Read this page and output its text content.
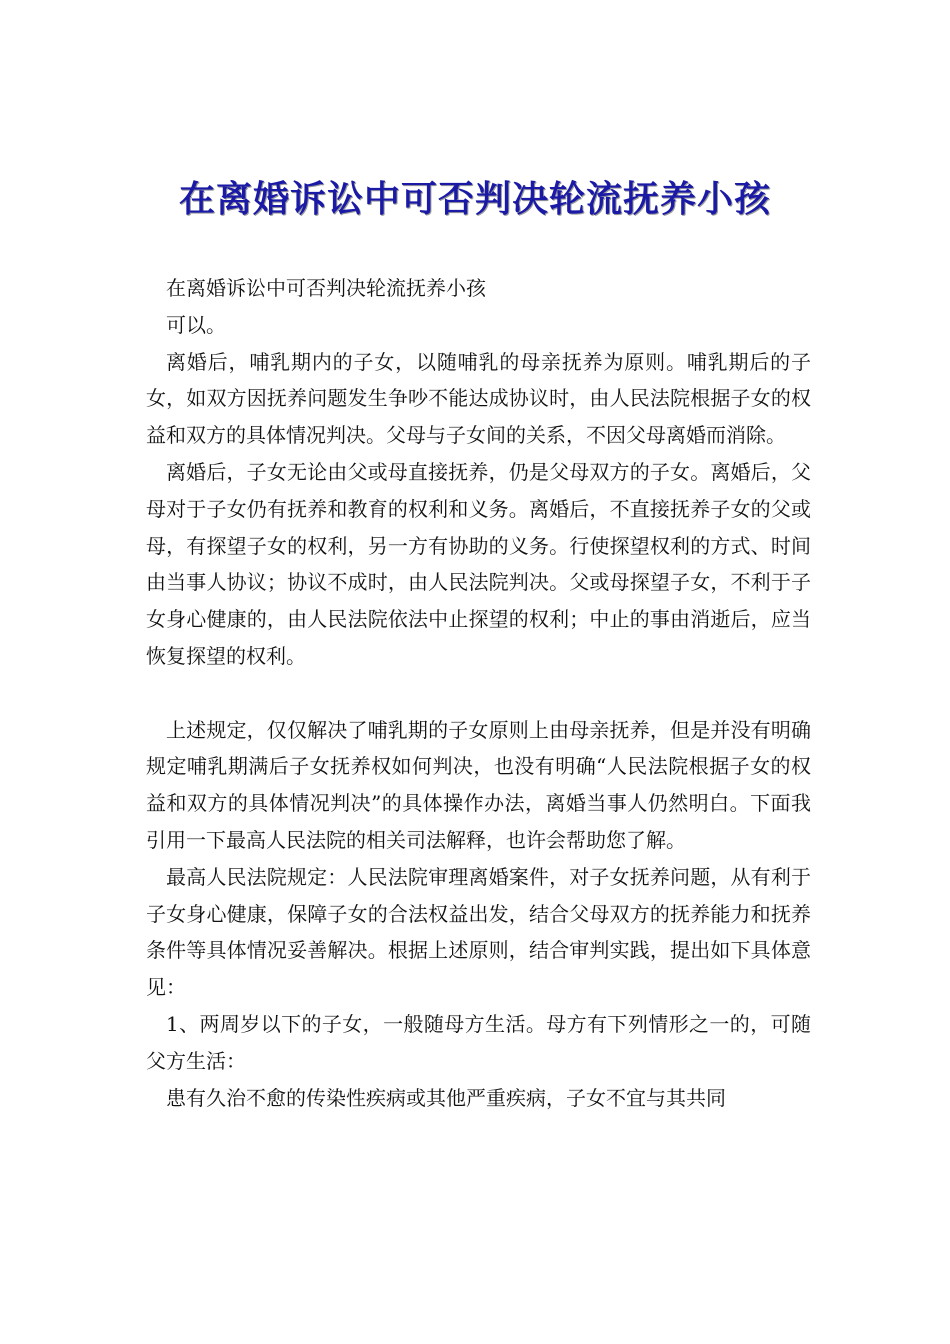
在离婚诉讼中可否判决轮流抚养小孩

在离婚诉讼中可否判决轮流抚养小孩

可以。

离婚后，哺乳期内的子女，以随哺乳的母亲抚养为原则。哺乳期后的子女，如双方因抚养问题发生争吵不能达成协议时，由人民法院根据子女的权益和双方的具体情况判决。父母与子女间的关系，不因父母离婚而消除。

离婚后，子女无论由父或母直接抚养，仍是父母双方的子女。离婚后，父母对于子女仍有抚养和教育的权利和义务。离婚后，不直接抚养子女的父或母，有探望子女的权利，另一方有协助的义务。行使探望权利的方式、时间由当事人协议；协议不成时，由人民法院判决。父或母探望子女，不利于子女身心健康的，由人民法院依法中止探望的权利；中止的事由消逝后，应当恢复探望的权利。

上述规定，仅仅解决了哺乳期的子女原则上由母亲抚养，但是并没有明确规定哺乳期满后子女抚养权如何判决，也没有明确“人民法院根据子女的权益和双方的具体情况判决”的具体操作办法，离婚当事人仍然明白。下面我引用一下最高人民法院的相关司法解释，也许会帮助您了解。

最高人民法院规定：人民法院审理离婚案件，对子女抚养问题，从有利于子女身心健康，保障子女的合法权益出发，结合父母双方的抚养能力和抚养条件等具体情况妥善解决。根据上述原则，结合审判实践，提出如下具体意见：

1、两周岁以下的子女，一般随母方生活。母方有下列情形之一的，可随父方生活：

患有久治不愈的传染性疾病或其他严重疾病，子女不宜与其共同
